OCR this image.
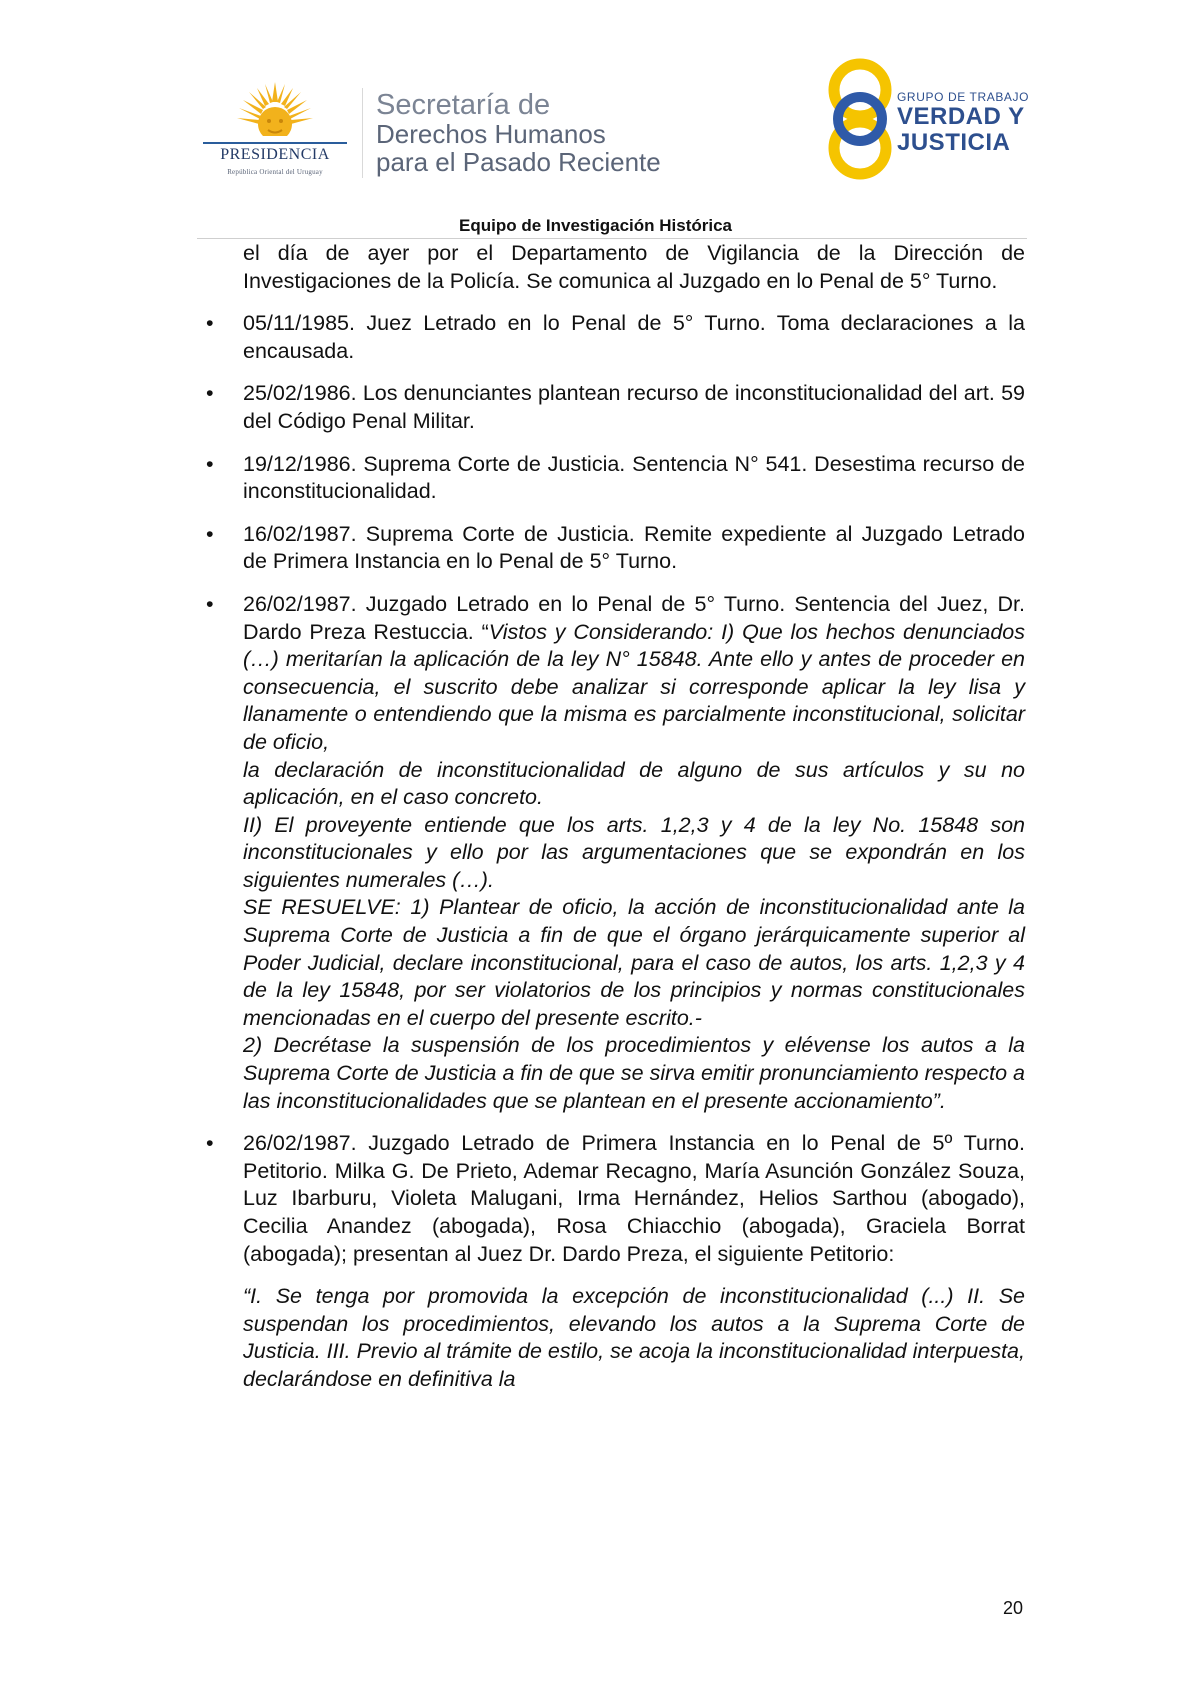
PRESIDENCIA
República Oriental del Uruguay
Secretaría de
Derechos Humanos
para el Pasado Reciente
GRUPO DE TRABAJO
VERDAD Y
JUSTICIA
Equipo de Investigación Histórica

el día de ayer por el Departamento de Vigilancia de la Dirección de Investigaciones de la Policía. Se comunica al Juzgado en lo Penal de 5° Turno.

•	05/11/1985. Juez Letrado en lo Penal de 5° Turno. Toma declaraciones a la encausada.

•	25/02/1986. Los denunciantes plantean recurso de inconstitucionalidad del art. 59 del Código Penal Militar.

•	19/12/1986. Suprema Corte de Justicia. Sentencia N° 541. Desestima recurso de inconstitucionalidad.

•	16/02/1987. Suprema Corte de Justicia. Remite expediente al Juzgado Letrado de Primera Instancia en lo Penal de 5° Turno.

•	26/02/1987. Juzgado Letrado en lo Penal de 5° Turno. Sentencia del Juez, Dr. Dardo Preza Restuccia. “Vistos y Considerando: I) Que los hechos denunciados (…) meritarían la aplicación de la ley N° 15848. Ante ello y antes de proceder en consecuencia, el suscrito debe analizar si corresponde aplicar la ley lisa y llanamente o entendiendo que la misma es parcialmente inconstitucional, solicitar de oficio,

la declaración de inconstitucionalidad de alguno de sus artículos y su no aplicación, en el caso concreto.

II) El proveyente entiende que los arts. 1,2,3 y 4 de la ley No. 15848 son inconstitucionales y ello por las argumentaciones que se expondrán en los siguientes numerales (…).

SE RESUELVE: 1) Plantear de oficio, la acción de inconstitucionalidad ante la Suprema Corte de Justicia a fin de que el órgano jerárquicamente superior al Poder Judicial, declare inconstitucional, para el caso de autos, los arts. 1,2,3 y 4 de la ley 15848, por ser violatorios de los principios y normas constitucionales mencionadas en el cuerpo del presente escrito.-

2) Decrétase la suspensión de los procedimientos y elévense los autos a la Suprema Corte de Justicia a fin de que se sirva emitir pronunciamiento respecto a las inconstitucionalidades que se plantean en el presente accionamiento”.

•	26/02/1987. Juzgado Letrado de Primera Instancia en lo Penal de 5º Turno. Petitorio. Milka G. De Prieto, Ademar Recagno, María Asunción González Souza, Luz Ibarburu, Violeta Malugani, Irma Hernández, Helios Sarthou (abogado), Cecilia Anandez (abogada), Rosa Chiacchio (abogada), Graciela Borrat (abogada); presentan al Juez Dr. Dardo Preza, el siguiente Petitorio:

“I. Se tenga por promovida la excepción de inconstitucionalidad (...) II. Se suspendan los procedimientos, elevando los autos a la Suprema Corte de Justicia. III. Previo al trámite de estilo, se acoja la inconstitucionalidad interpuesta, declarándose en definitiva la

20
